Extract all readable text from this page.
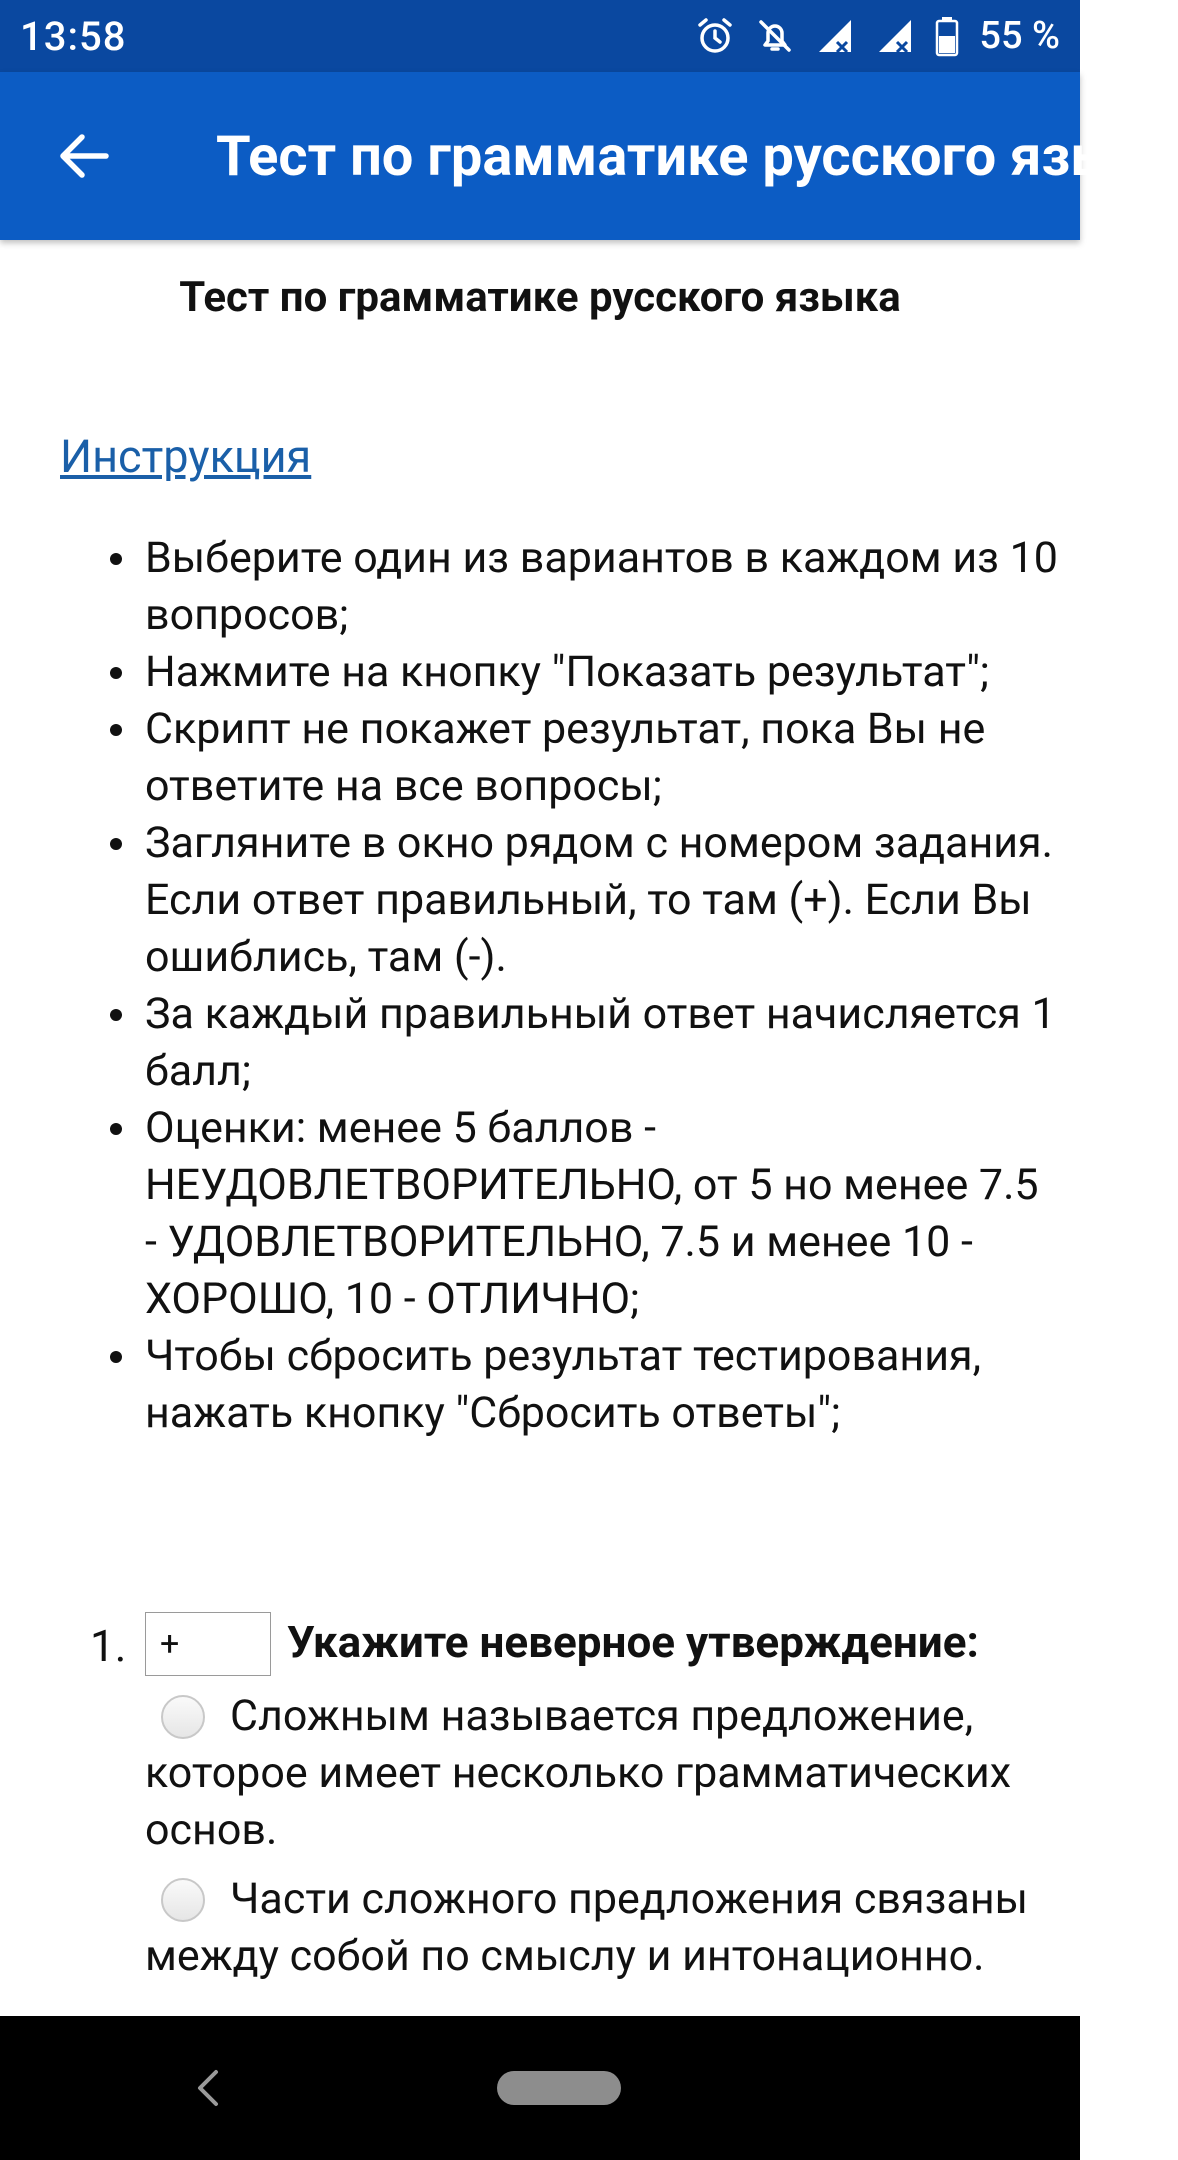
13:58	55 %
Тест по грамматике русского языка
Тест по грамматике русского языка
Инструкция
Выберите один из вариантов в каждом из 10 вопросов;
Нажмите на кнопку "Показать результат";
Скрипт не покажет результат, пока Вы не ответите на все вопросы;
Загляните в окно рядом с номером задания. Если ответ правильный, то там (+). Если Вы ошиблись, там (-).
За каждый правильный ответ начисляется 1 балл;
Оценки: менее 5 баллов - НЕУДОВЛЕТВОРИТЕЛЬНО, от 5 но менее 7.5 - УДОВЛЕТВОРИТЕЛЬНО, 7.5 и менее 10 - ХОРОШО, 10 - ОТЛИЧНО;
Чтобы сбросить результат тестирования, нажать кнопку "Сбросить ответы";
1. +	Укажите неверное утверждение:
Сложным называется предложение, которое имеет несколько грамматических основ.
Части сложного предложения связаны между собой по смыслу и интонационно.
